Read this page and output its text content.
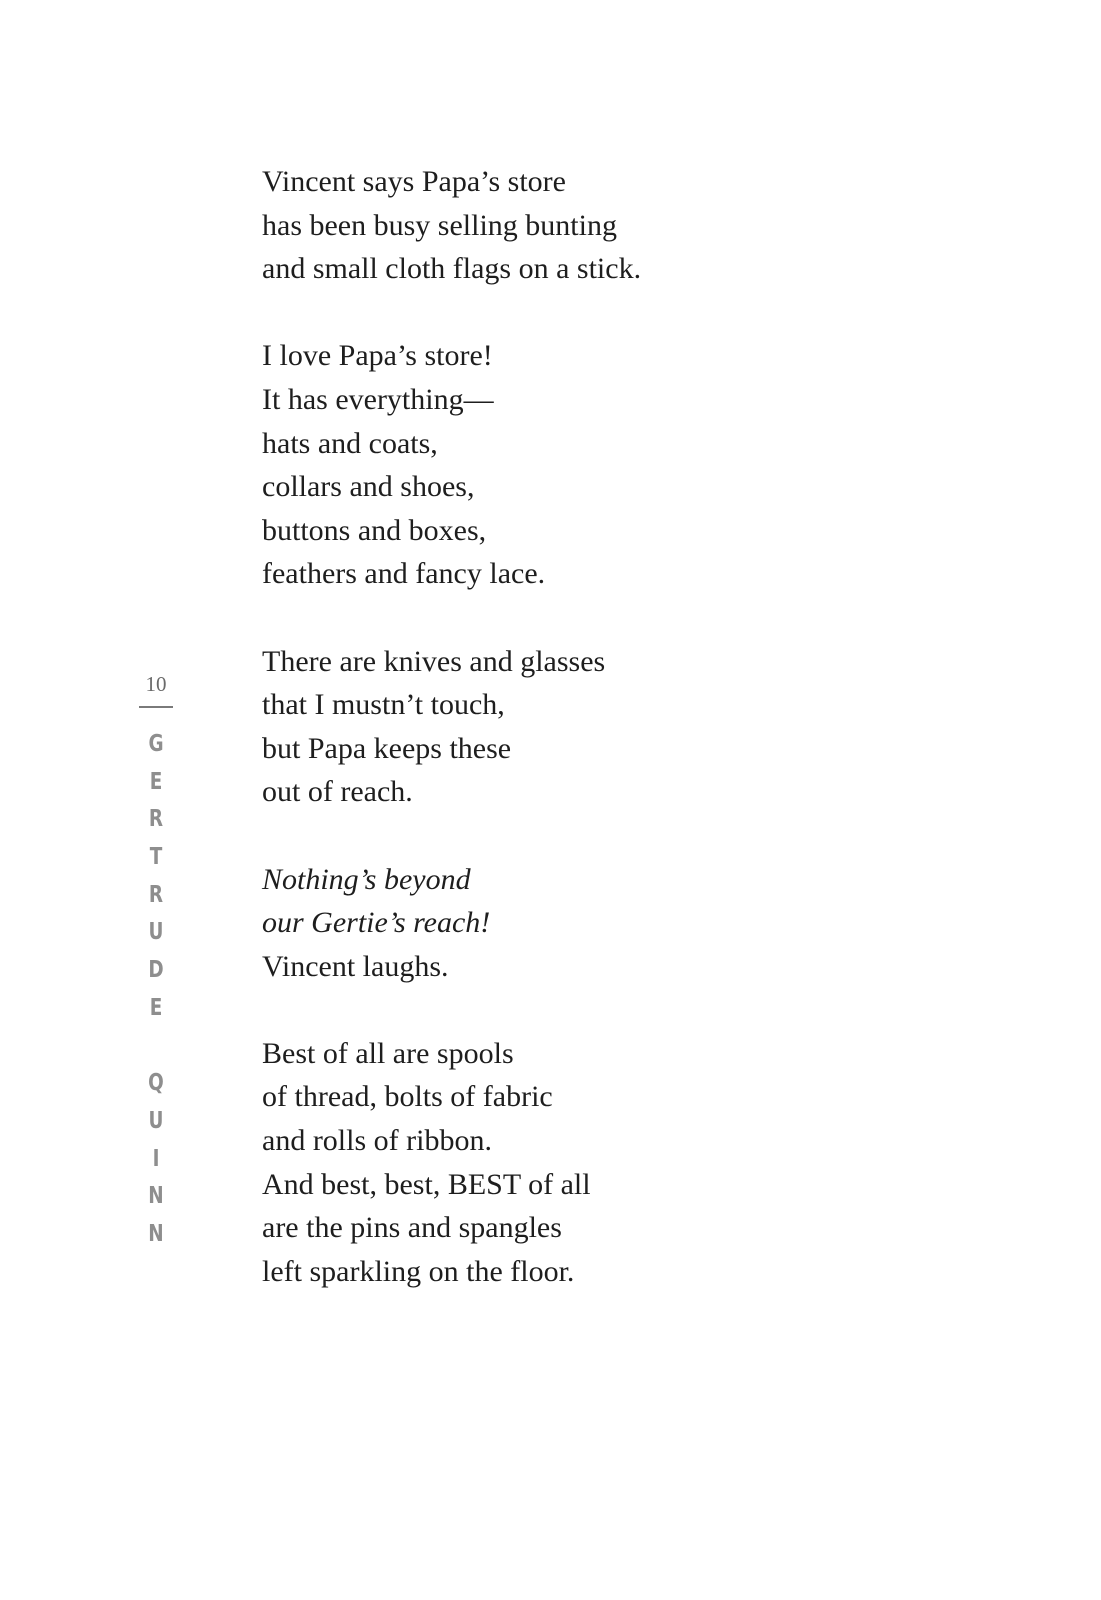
10
G
E
R
T
R
U
D
E
Q
U
I
N
N
Vincent says Papa’s store
has been busy selling bunting
and small cloth flags on a stick.
I love Papa’s store!
It has everything—
hats and coats,
collars and shoes,
buttons and boxes,
feathers and fancy lace.
There are knives and glasses
that I mustn’t touch,
but Papa keeps these
out of reach.
Nothing’s beyond
our Gertie’s reach!
Vincent laughs.
Best of all are spools
of thread, bolts of fabric
and rolls of ribbon.
And best, best, BEST of all
are the pins and spangles
left sparkling on the floor.
